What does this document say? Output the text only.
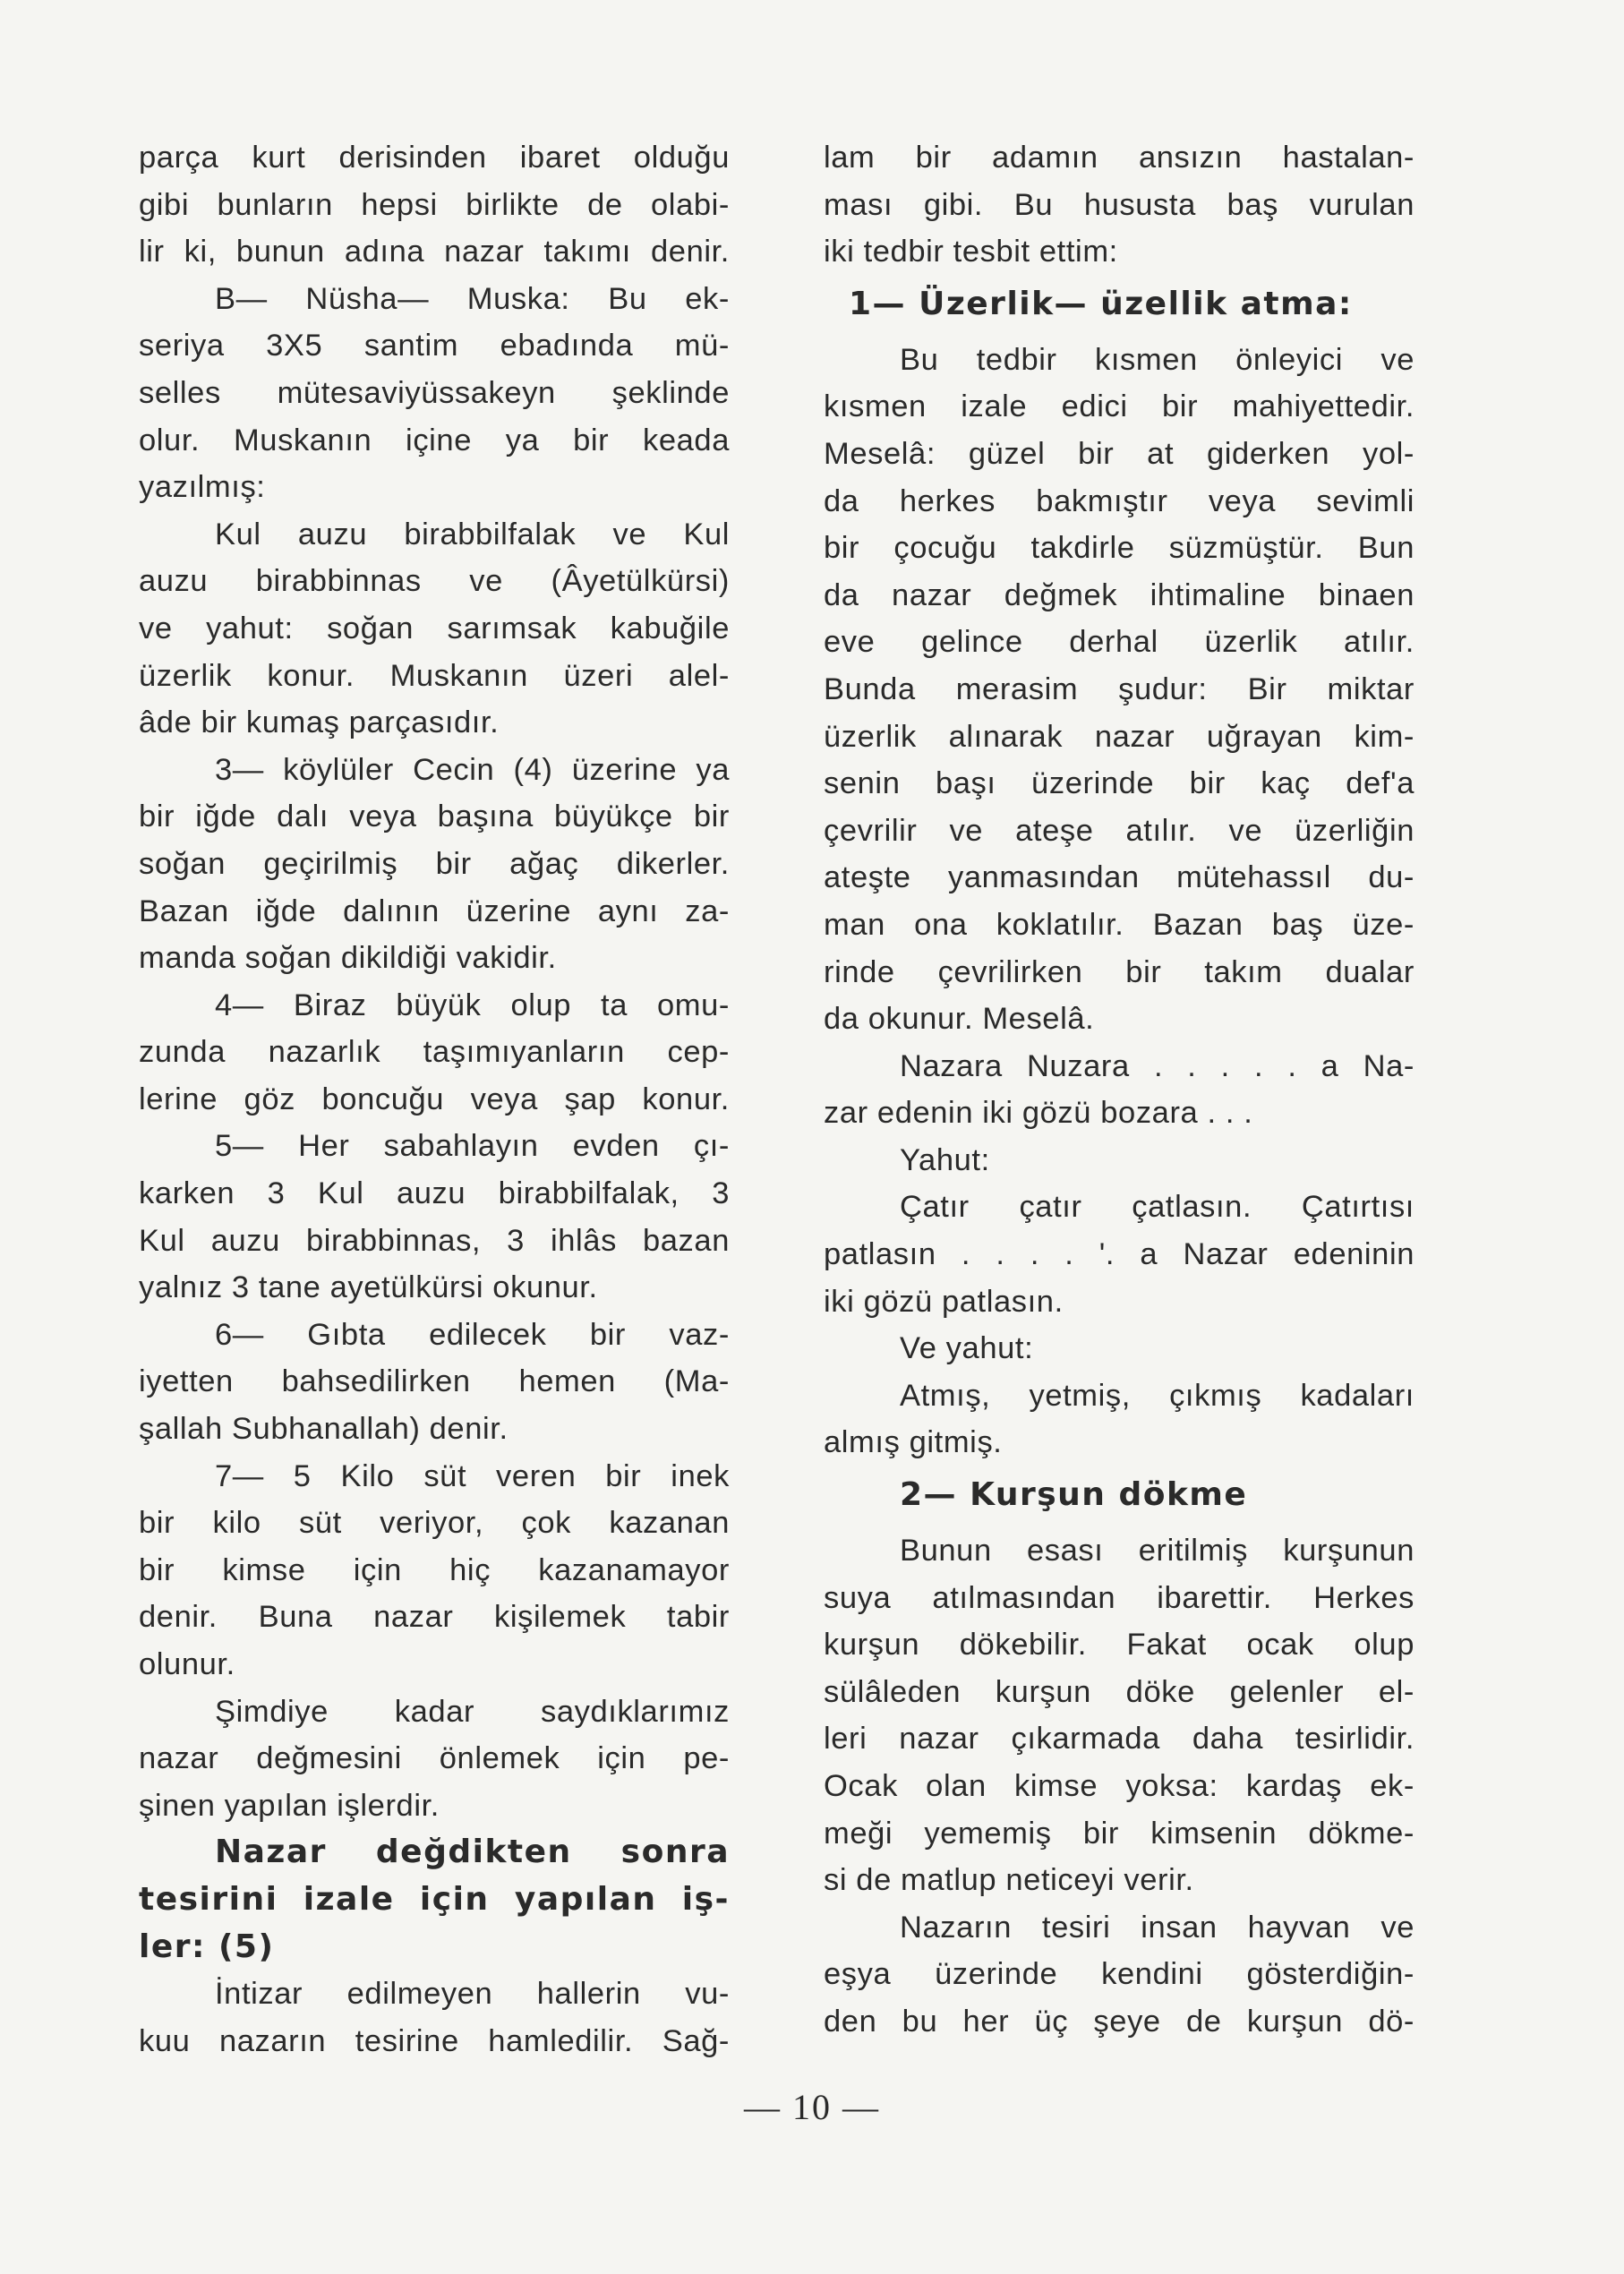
parça kurt derisinden ibaret olduğu
gibi bunların hepsi birlikte de olabi-
lir ki, bunun adına nazar takımı denir.
B— Nüsha— Muska: Bu ek-
seriya 3X5 santim ebadında mü-
selles mütesaviyüssakeyn şeklinde
olur. Muskanın içine ya bir keada
yazılmış:
Kul auzu birabbilfalak ve Kul
auzu birabbinnas ve (Âyetülkürsi)
ve yahut: soğan sarımsak kabuğile
üzerlik konur. Muskanın üzeri alel-
âde bir kumaş parçasıdır.
3— köylüler Cecin (4) üzerine ya
bir iğde dalı veya başına büyükçe bir
soğan geçirilmiş bir ağaç dikerler.
Bazan iğde dalının üzerine aynı za-
manda soğan dikildiği vakidir.
4— Biraz büyük olup ta omu-
zunda nazarlık taşımıyanların cep-
lerine göz boncuğu veya şap konur.
5— Her sabahlayın evden çı-
karken 3 Kul auzu birabbilfalak, 3
Kul auzu birabbinnas, 3 ihlâs bazan
yalnız 3 tane ayetülkürsi okunur.
6— Gıbta edilecek bir vaz-
iyetten bahsedilirken hemen (Ma-
şallah Subhanallah) denir.
7— 5 Kilo süt veren bir inek
bir kilo süt veriyor, çok kazanan
bir kimse için hiç kazanamayor
denir. Buna nazar kişilemek tabir
olunur.
Şimdiye kadar saydıklarımız
nazar değmesini önlemek için pe-
şinen yapılan işlerdir.
Nazar değdikten sonra
tesirini izale için yapılan iş-
ler: (5)
İntizar edilmeyen hallerin vu-
kuu nazarın tesirine hamledilir. Sağ-
lam bir adamın ansızın hastalan-
ması gibi. Bu hususta baş vurulan
iki tedbir tesbit ettim:
1— Üzerlik— üzellik atma:
Bu tedbir kısmen önleyici ve
kısmen izale edici bir mahiyettedir.
Meselâ: güzel bir at giderken yol-
da herkes bakmıştır veya sevimli
bir çocuğu takdirle süzmüştür. Bun
da nazar değmek ihtimaline binaen
eve gelince derhal üzerlik atılır.
Bunda merasim şudur: Bir miktar
üzerlik alınarak nazar uğrayan kim-
senin başı üzerinde bir kaç def'a
çevrilir ve ateşe atılır. ve üzerliğin
ateşte yanmasından mütehassıl du-
man ona koklatılır. Bazan baş üze-
rinde çevrilirken bir takım dualar
da okunur. Meselâ.
Nazara Nuzara . . . . . a Na-
zar edenin iki gözü bozara . . .
Yahut:
Çatır çatır çatlasın. Çatırtısı
patlasın . . . . '. a Nazar edeninin
iki gözü patlasın.
Ve yahut:
Atmış, yetmiş, çıkmış kadaları
almış gitmiş.
2— Kurşun dökme
Bunun esası eritilmiş kurşunun
suya atılmasından ibarettir. Herkes
kurşun dökebilir. Fakat ocak olup
sülâleden kurşun döke gelenler el-
leri nazar çıkarmada daha tesirlidir.
Ocak olan kimse yoksa: kardaş ek-
meği yememiş bir kimsenin dökme-
si de matlup neticeyi verir.
Nazarın tesiri insan hayvan ve
eşya üzerinde kendini gösterdiğin-
den bu her üç şeye de kurşun dö-
— 10 —
